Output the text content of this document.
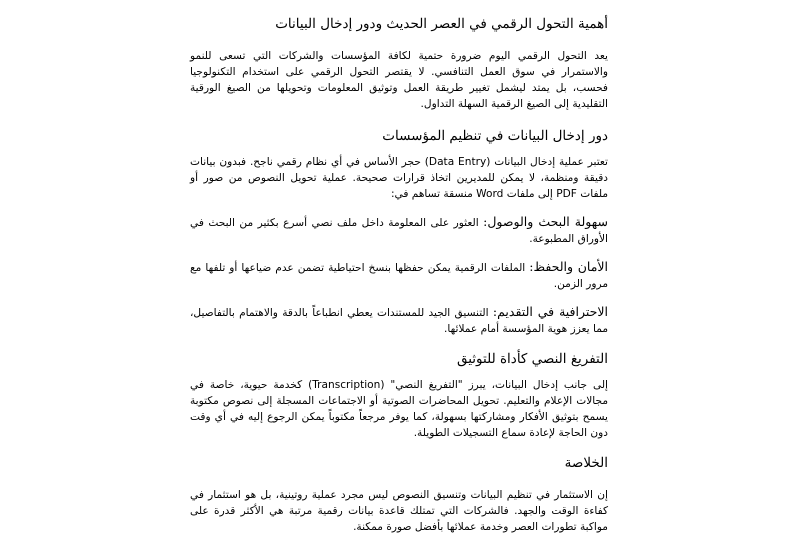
أهمية التحول الرقمي في العصر الحديث ودور إدخال البيانات

يعد التحول الرقمي اليوم ضرورة حتمية لكافة المؤسسات والشركات التي تسعى للنمو والاستمرار في سوق العمل التنافسي. لا يقتصر التحول الرقمي على استخدام التكنولوجيا فحسب، بل يمتد ليشمل تغيير طريقة العمل وتوثيق المعلومات وتحويلها من الصيغ الورقية التقليدية إلى الصيغ الرقمية السهلة التداول.

دور إدخال البيانات في تنظيم المؤسسات

تعتبر عملية إدخال البيانات (Data Entry) حجر الأساس في أي نظام رقمي ناجح. فبدون بيانات دقيقة ومنظمة، لا يمكن للمديرين اتخاذ قرارات صحيحة. عملية تحويل النصوص من صور أو ملفات PDF إلى ملفات Word منسقة تساهم في:

سهولة البحث والوصول: العثور على المعلومة داخل ملف نصي أسرع بكثير من البحث في الأوراق المطبوعة.

الأمان والحفظ: الملفات الرقمية يمكن حفظها بنسخ احتياطية تضمن عدم ضياعها أو تلفها مع مرور الزمن.

الاحترافية في التقديم: التنسيق الجيد للمستندات يعطي انطباعاً بالدقة والاهتمام بالتفاصيل، مما يعزز هوية المؤسسة أمام عملائها.

التفريغ النصي كأداة للتوثيق

إلى جانب إدخال البيانات، يبرز "التفريغ النصي" (Transcription) كخدمة حيوية، خاصة في مجالات الإعلام والتعليم. تحويل المحاضرات الصوتية أو الاجتماعات المسجلة إلى نصوص مكتوبة يسمح بتوثيق الأفكار ومشاركتها بسهولة، كما يوفر مرجعاً مكتوباً يمكن الرجوع إليه في أي وقت دون الحاجة لإعادة سماع التسجيلات الطويلة.

الخلاصة

إن الاستثمار في تنظيم البيانات وتنسيق النصوص ليس مجرد عملية روتينية، بل هو استثمار في كفاءة الوقت والجهد. فالشركات التي تمتلك قاعدة بيانات رقمية مرتبة هي الأكثر قدرة على مواكبة تطورات العصر وخدمة عملائها بأفضل صورة ممكنة.
